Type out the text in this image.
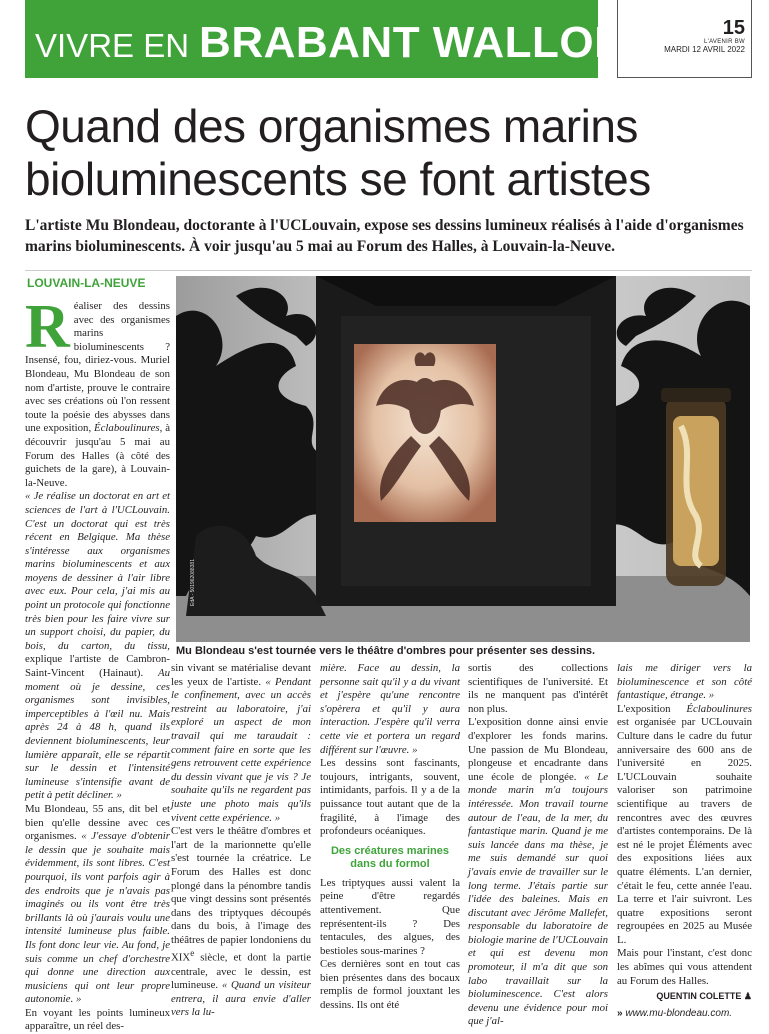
VIVRE EN BRABANT WALLON	15
L'AVENIR BW
MARDI 12 AVRIL 2022
Quand des organismes marins
bioluminescents se font artistes

L'artiste Mu Blondeau, doctorante à l'UCLouvain, expose ses dessins lumineux réalisés à l'aide d'organismes marins bioluminescents. À voir jusqu'au 5 mai au Forum des Halles, à Louvain-la-Neuve.

LOUVAIN-LA-NEUVE
EdA - 501962088381
Mu Blondeau s'est tournée vers le théâtre d'ombres pour présenter ses dessins.

Réaliser des dessins avec des organismes marins bioluminescents ? Insensé, fou, diriez-vous. Muriel Blondeau, Mu Blondeau de son nom d'artiste, prouve le contraire avec ses créations où l'on ressent toute la poésie des abysses dans une exposition, Éclaboulinures, à découvrir jusqu'au 5 mai au Forum des Halles (à côté des guichets de la gare), à Louvain-la-Neuve.

« Je réalise un doctorat en art et sciences de l'art à l'UCLouvain. C'est un doctorat qui est très récent en Belgique. Ma thèse s'intéresse aux organismes marins bioluminescents et aux moyens de dessiner à l'air libre avec eux. Pour cela, j'ai mis au point un protocole qui fonctionne très bien pour les faire vivre sur un support choisi, du papier, du bois, du carton, du tissu, explique l'artiste de Cambron-Saint-Vincent (Hainaut). Au moment où je dessine, ces organismes sont invisibles, imperceptibles à l'œil nu. Mais après 24 à 48 h, quand ils deviennent bioluminescents, leur lumière apparaît, elle se répartit sur le dessin et l'intensité lumineuse s'intensifie avant de petit à petit décliner. »

Mu Blondeau, 55 ans, dit bel et bien qu'elle dessine avec ces organismes. « J'essaye d'obtenir le dessin que je souhaite mais évidemment, ils sont libres. C'est pourquoi, ils vont parfois agir à des endroits que je n'avais pas imaginés ou ils vont être très brillants là où j'aurais voulu une intensité lumineuse plus faible. Ils font donc leur vie. Au fond, je suis comme un chef d'orchestre qui donne une direction aux musiciens qui ont leur propre autonomie. »

En voyant les points lumineux apparaître, un réel des-

sin vivant se matérialise devant les yeux de l'artiste. « Pendant le confinement, avec un accès restreint au laboratoire, j'ai exploré un aspect de mon travail qui me taraudait : comment faire en sorte que les gens retrouvent cette expérience du dessin vivant que je vis ? Je souhaite qu'ils ne regardent pas juste une photo mais qu'ils vivent cette expérience. »

C'est vers le théâtre d'ombres et l'art de la marionnette qu'elle s'est tournée la créatrice. Le Forum des Halles est donc plongé dans la pénombre tandis que vingt dessins sont présentés dans des triptyques découpés dans du bois, à l'image des théâtres de papier londoniens du XIXe siècle, et dont la partie centrale, avec le dessin, est lumineuse. « Quand un visiteur entrera, il aura envie d'aller vers la lu-

mière. Face au dessin, la personne sait qu'il y a du vivant et j'espère qu'une rencontre s'opèrera et qu'il y aura interaction. J'espère qu'il verra cette vie et portera un regard différent sur l'œuvre. »

Les dessins sont fascinants, toujours, intrigants, souvent, intimidants, parfois. Il y a de la puissance tout autant que de la fragilité, à l'image des profondeurs océaniques.

Des créatures marines dans du formol

Les triptyques aussi valent la peine d'être regardés attentivement. Que représentent-ils ? Des tentacules, des algues, des bestioles sous-marines ?

Ces dernières sont en tout cas bien présentes dans des bocaux remplis de formol jouxtant les dessins. Ils ont été

sortis des collections scientifiques de l'université. Et ils ne manquent pas d'intérêt non plus.

L'exposition donne ainsi envie d'explorer les fonds marins. Une passion de Mu Blondeau, plongeuse et encadrante dans une école de plongée. « Le monde marin m'a toujours intéressée. Mon travail tourne autour de l'eau, de la mer, du fantastique marin. Quand je me suis lancée dans ma thèse, je me suis demandé sur quoi j'avais envie de travailler sur le long terme. J'étais partie sur l'idée des baleines. Mais en discutant avec Jérôme Mallefet, responsable du laboratoire de biologie marine de l'UCLouvain et qui est devenu mon promoteur, il m'a dit que son labo travaillait sur la bioluminescence. C'est alors devenu une évidence pour moi que j'al-

lais me diriger vers la bioluminescence et son côté fantastique, étrange. »

L'exposition Éclaboulinures est organisée par UCLouvain Culture dans le cadre du futur anniversaire des 600 ans de l'université en 2025. L'UCLouvain souhaite valoriser son patrimoine scientifique au travers de rencontres avec des œuvres d'artistes contemporains. De là est né le projet Éléments avec des expositions liées aux quatre éléments. L'an dernier, c'était le feu, cette année l'eau. La terre et l'air suivront. Les quatre expositions seront regroupées en 2025 au Musée L.

Mais pour l'instant, c'est donc les abîmes qui vous attendent au Forum des Halles.

QUENTIN COLETTE ♟

» www.mu-blondeau.com.
